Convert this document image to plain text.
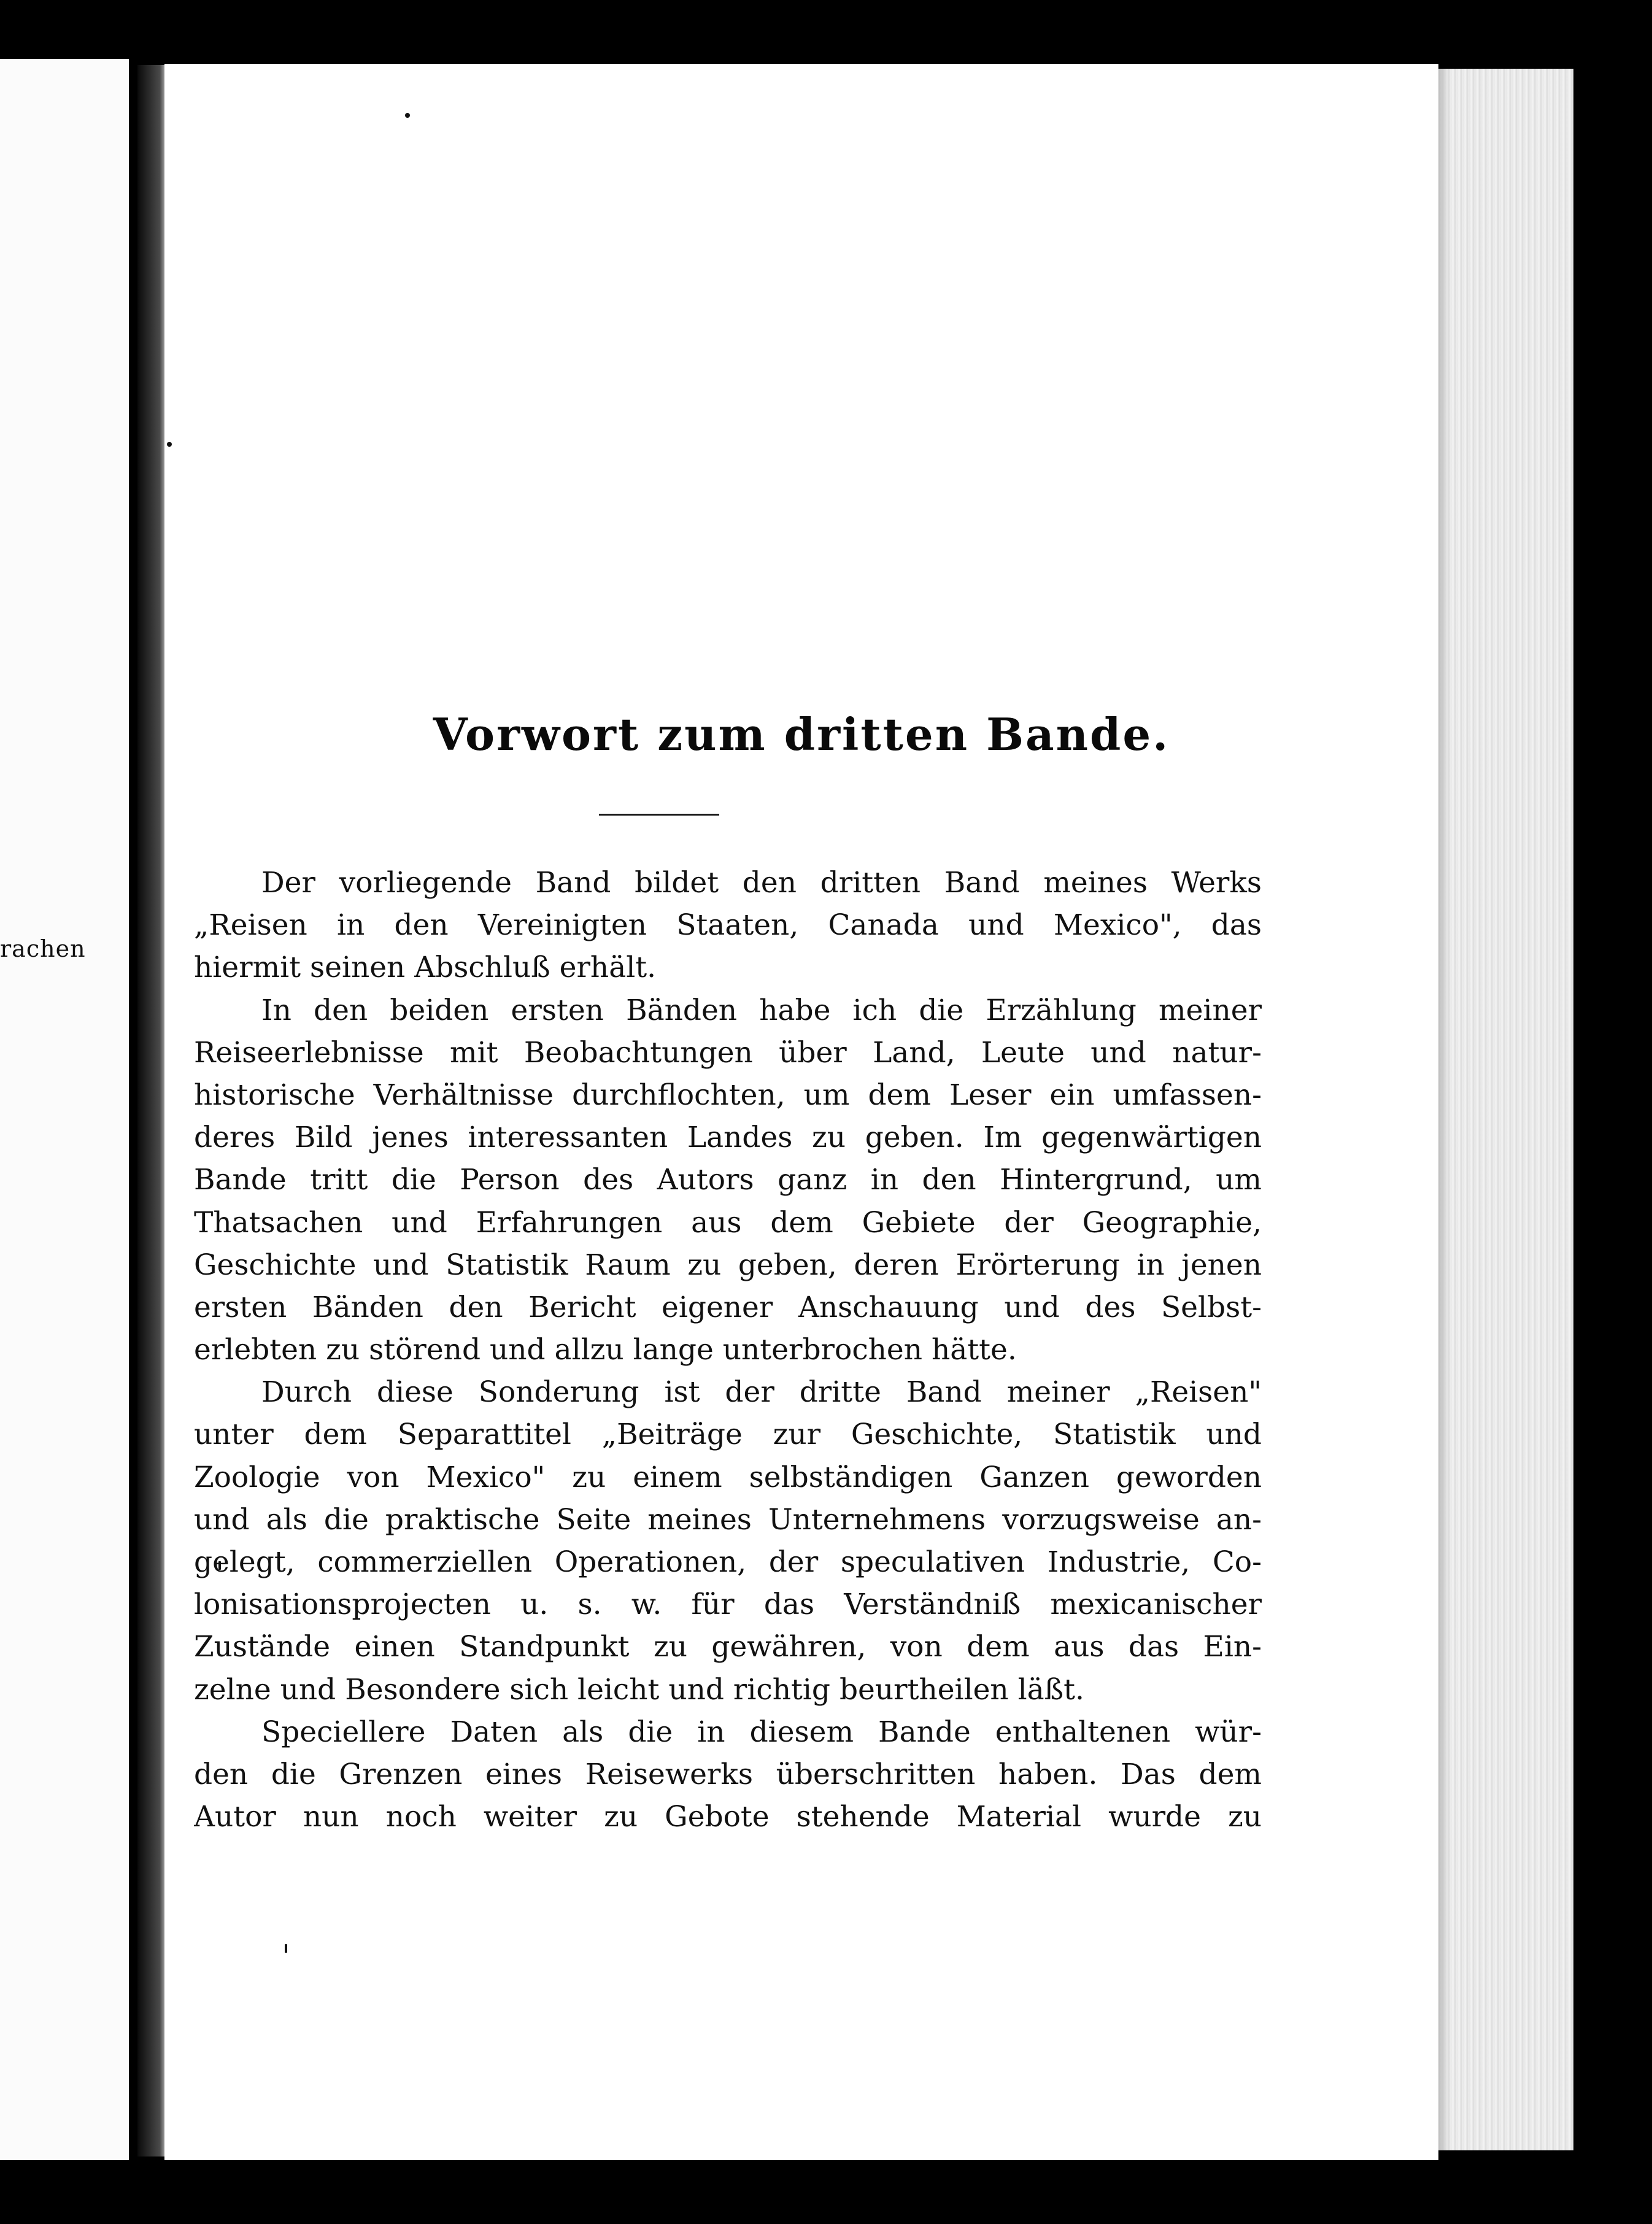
rachen
Vorwort zum dritten Bande.
Der vorliegende Band bildet den dritten Band meines Werks
„Reisen in den Vereinigten Staaten, Canada und Mexico", das
hiermit seinen Abschluß erhält.
In den beiden ersten Bänden habe ich die Erzählung meiner
Reiseerlebnisse mit Beobachtungen über Land, Leute und natur-
historische Verhältnisse durchflochten, um dem Leser ein umfassen-
deres Bild jenes interessanten Landes zu geben. Im gegenwärtigen
Bande tritt die Person des Autors ganz in den Hintergrund, um
Thatsachen und Erfahrungen aus dem Gebiete der Geographie,
Geschichte und Statistik Raum zu geben, deren Erörterung in jenen
ersten Bänden den Bericht eigener Anschauung und des Selbst-
erlebten zu störend und allzu lange unterbrochen hätte.
Durch diese Sonderung ist der dritte Band meiner „Reisen"
unter dem Separattitel „Beiträge zur Geschichte, Statistik und
Zoologie von Mexico" zu einem selbständigen Ganzen geworden
und als die praktische Seite meines Unternehmens vorzugsweise an-
gelegt, commerziellen Operationen, der speculativen Industrie, Co-
lonisationsprojecten u. s. w. für das Verständniß mexicanischer
Zustände einen Standpunkt zu gewähren, von dem aus das Ein-
zelne und Besondere sich leicht und richtig beurtheilen läßt.
Speciellere Daten als die in diesem Bande enthaltenen wür-
den die Grenzen eines Reisewerks überschritten haben. Das dem
Autor nun noch weiter zu Gebote stehende Material wurde zu
